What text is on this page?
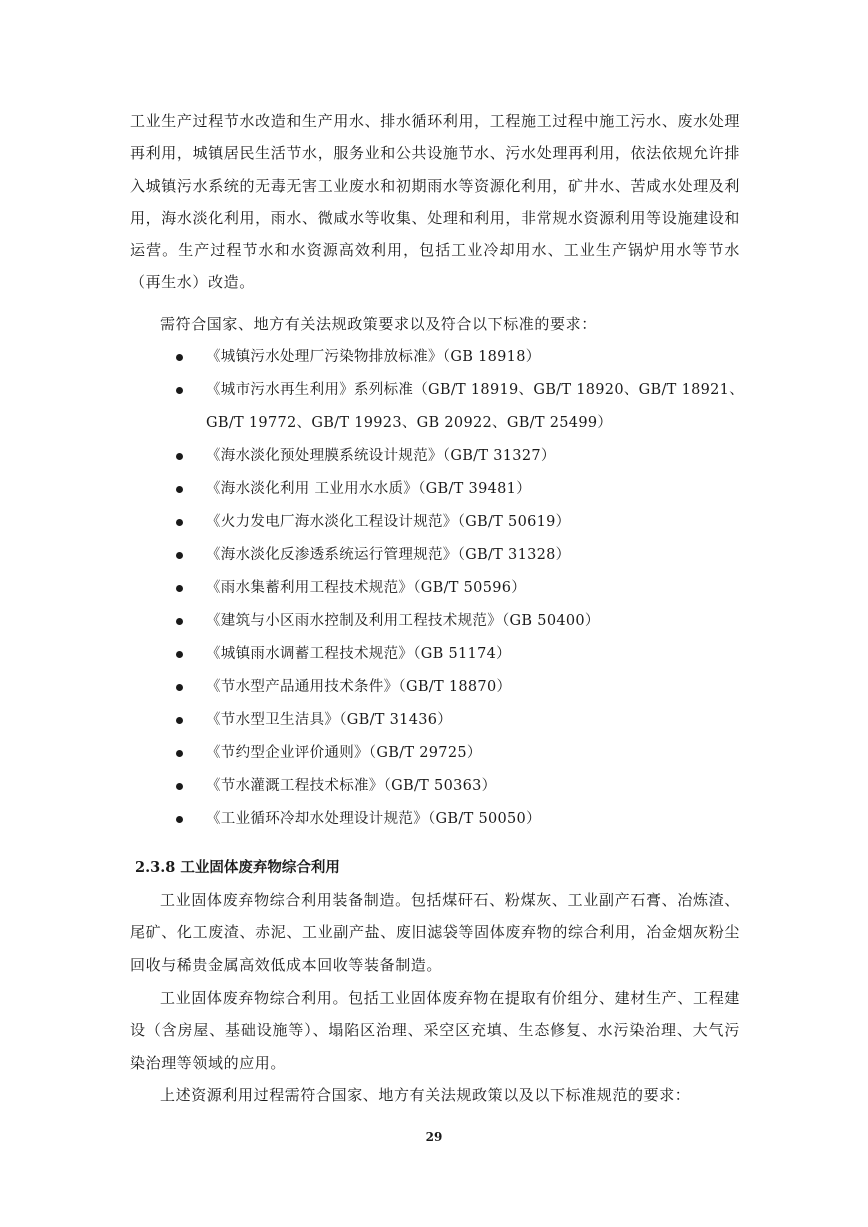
工业生产过程节水改造和生产用水、排水循环利用，工程施工过程中施工污水、废水处理再利用，城镇居民生活节水，服务业和公共设施节水、污水处理再利用，依法依规允许排入城镇污水系统的无毒无害工业废水和初期雨水等资源化利用，矿井水、苦咸水处理及利用，海水淡化利用，雨水、微咸水等收集、处理和利用，非常规水资源利用等设施建设和运营。生产过程节水和水资源高效利用，包括工业冷却用水、工业生产锅炉用水等节水（再生水）改造。

需符合国家、地方有关法规政策要求以及符合以下标准的要求：

《城镇污水处理厂污染物排放标准》（GB 18918）
《城市污水再生利用》系列标准（GB/T 18919、GB/T 18920、GB/T 18921、GB/T 19772、GB/T 19923、GB 20922、GB/T 25499）
《海水淡化预处理膜系统设计规范》（GB/T 31327）
《海水淡化利用 工业用水水质》（GB/T 39481）
《火力发电厂海水淡化工程设计规范》（GB/T 50619）
《海水淡化反渗透系统运行管理规范》（GB/T 31328）
《雨水集蓄利用工程技术规范》（GB/T 50596）
《建筑与小区雨水控制及利用工程技术规范》（GB 50400）
《城镇雨水调蓄工程技术规范》（GB 51174）
《节水型产品通用技术条件》（GB/T 18870）
《节水型卫生洁具》（GB/T 31436）
《节约型企业评价通则》（GB/T 29725）
《节水灌溉工程技术标准》（GB/T 50363）
《工业循环冷却水处理设计规范》（GB/T 50050）
2.3.8 工业固体废弃物综合利用

工业固体废弃物综合利用装备制造。包括煤矸石、粉煤灰、工业副产石膏、冶炼渣、尾矿、化工废渣、赤泥、工业副产盐、废旧滤袋等固体废弃物的综合利用，冶金烟灰粉尘回收与稀贵金属高效低成本回收等装备制造。

工业固体废弃物综合利用。包括工业固体废弃物在提取有价组分、建材生产、工程建设（含房屋、基础设施等）、塌陷区治理、采空区充填、生态修复、水污染治理、大气污染治理等领域的应用。

上述资源利用过程需符合国家、地方有关法规政策以及以下标准规范的要求：

29
